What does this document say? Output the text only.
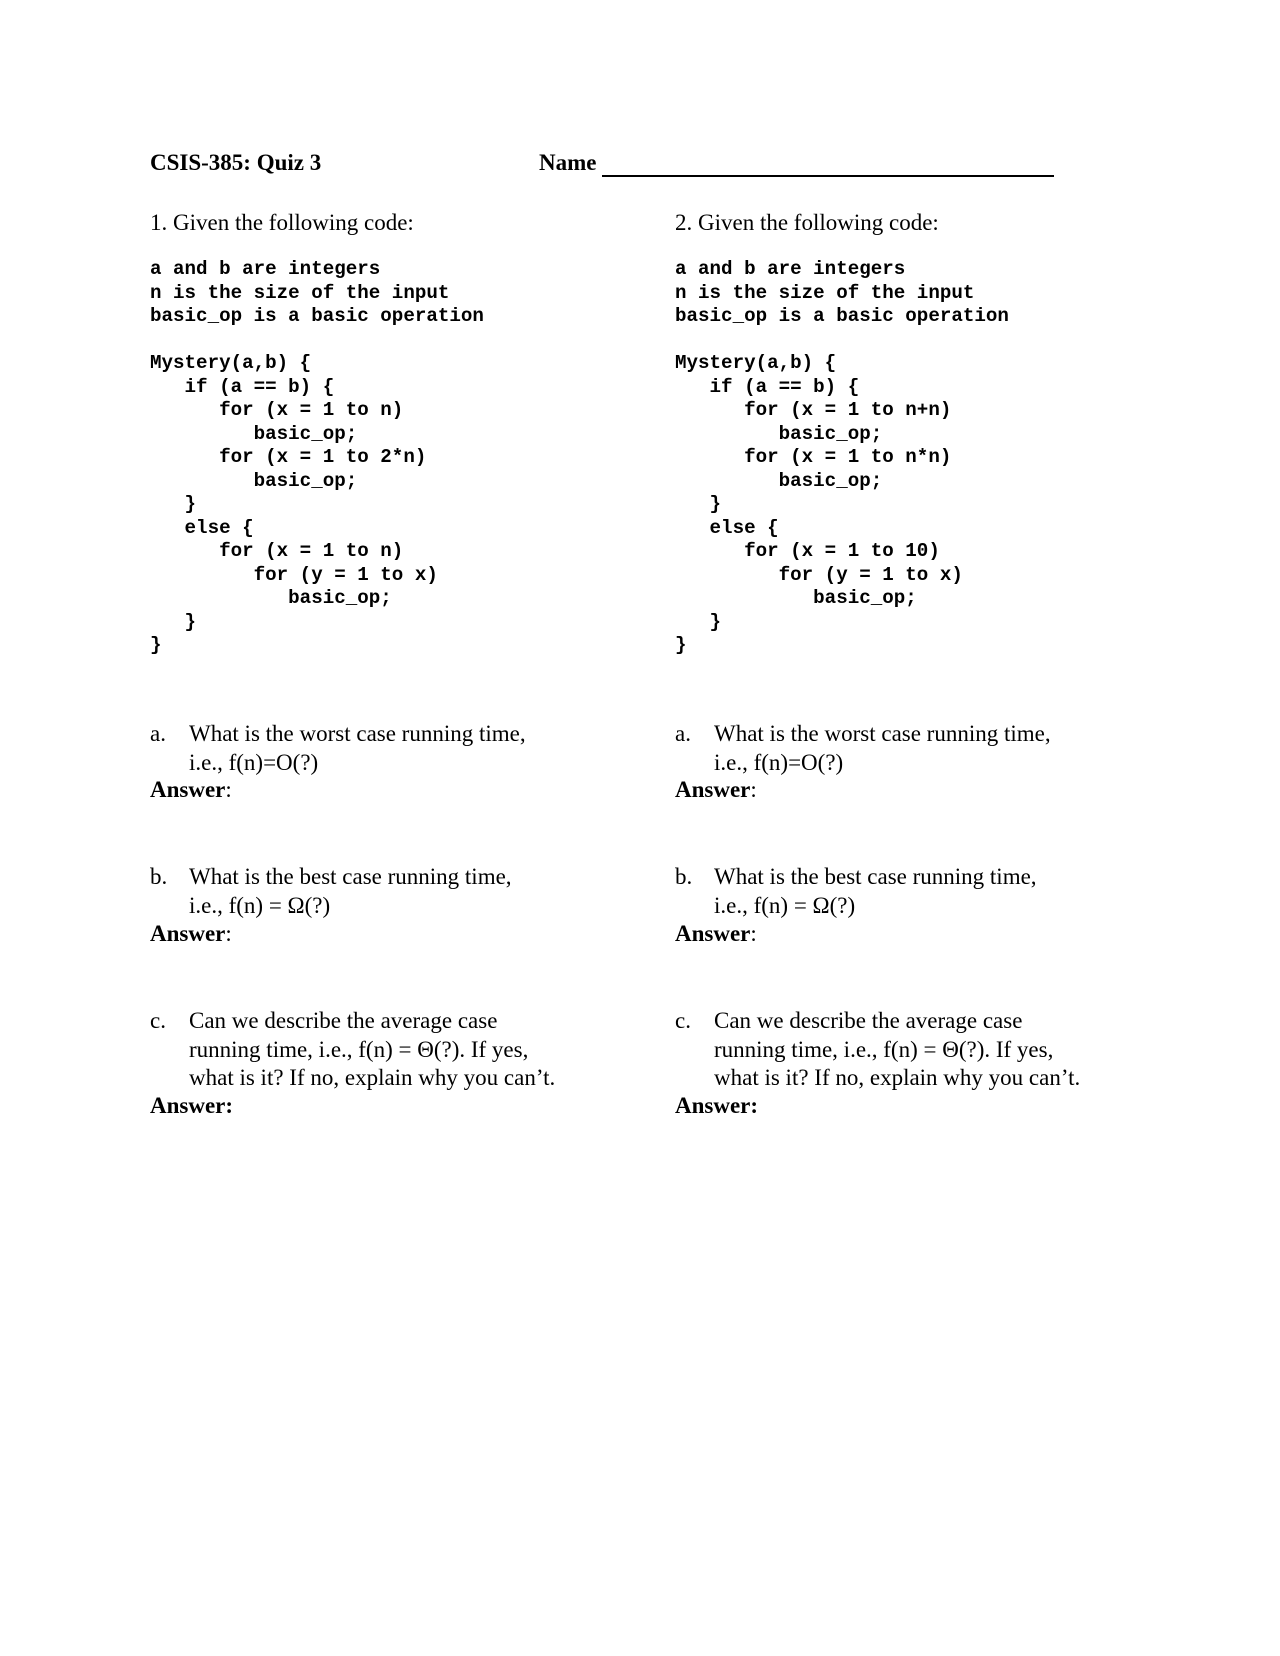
CSIS-385: Quiz 3	Name
1. Given the following code:
a and b are integers
n is the size of the input
basic_op is a basic operation
Mystery(a,b) {
if (a == b) {
for (x = 1 to n)
basic_op;
for (x = 1 to 2*n)
basic_op;
}
else {
for (x = 1 to n)
for (y = 1 to x)
basic_op;
}
}
a. What is the worst case running time,
i.e., f(n)=O(?)
Answer:
b. What is the best case running time,
i.e., f(n) = Ω(?)
Answer:
c. Can we describe the average case
running time, i.e., f(n) = Θ(?). If yes,
what is it? If no, explain why you can’t.
Answer:
2. Given the following code:
a and b are integers
n is the size of the input
basic_op is a basic operation
Mystery(a,b) {
if (a == b) {
for (x = 1 to n+n)
basic_op;
for (x = 1 to n*n)
basic_op;
}
else {
for (x = 1 to 10)
for (y = 1 to x)
basic_op;
}
}
a. What is the worst case running time,
i.e., f(n)=O(?)
Answer:
b. What is the best case running time,
i.e., f(n) = Ω(?)
Answer:
c. Can we describe the average case
running time, i.e., f(n) = Θ(?). If yes,
what is it? If no, explain why you can’t.
Answer:
